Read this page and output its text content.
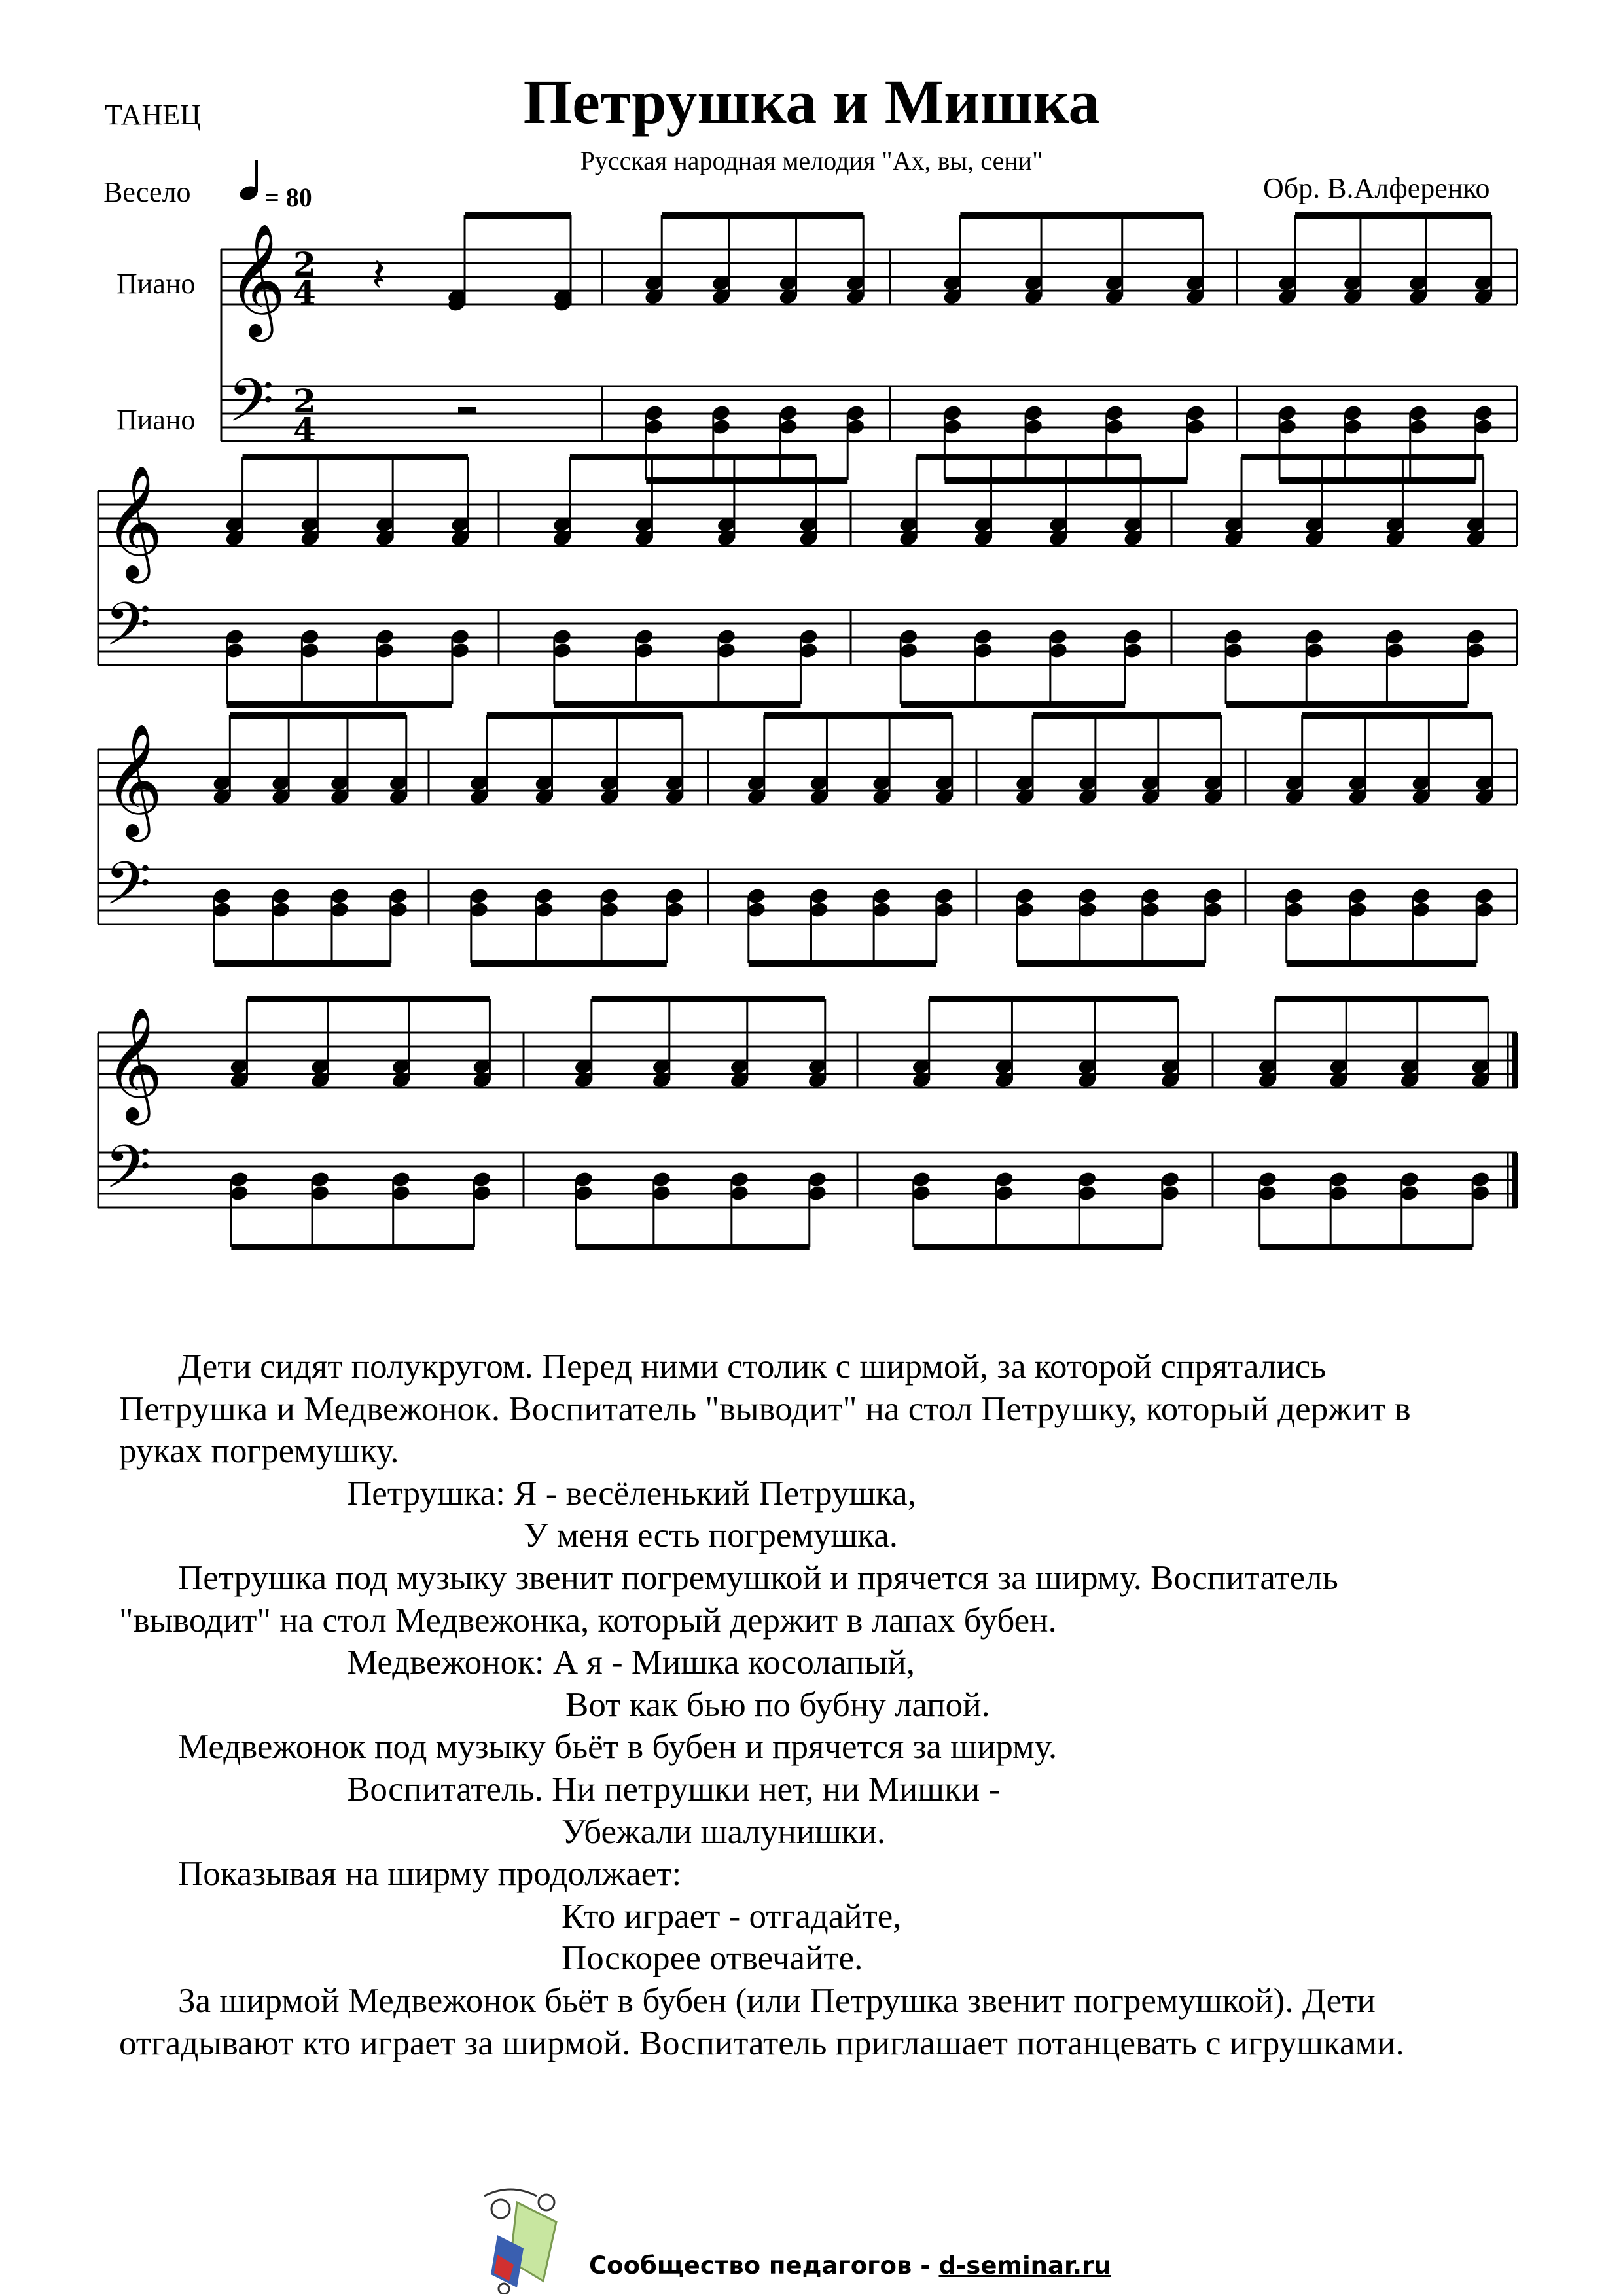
ТАНЕЦ	Петрушка и Мишка
Русская народная мелодия "Ах, вы, сени"
Весело	= 80	Обр. В.Алференко
𝄞 2
4
𝄢 2
4
𝄞
𝄢
𝄞
𝄢
𝄞
𝄢
𝄽
Пиано
Пиано
Дети сидят полукругом. Перед ними столик с ширмой, за которой спрятались
Петрушка и Медвежонок. Воспитатель "выводит" на стол Петрушку, который держит в
руках погремушку.
Петрушка: Я - весёленький Петрушка,
У меня есть погремушка.
Петрушка под музыку звенит погремушкой и прячется за ширму. Воспитатель
"выводит" на стол Медвежонка, который держит в лапах бубен.
Медвежонок: А я - Мишка косолапый,
Вот как бью по бубну лапой.
Медвежонок под музыку бьёт в бубен и прячется за ширму.
Воспитатель. Ни петрушки нет, ни Мишки -
Убежали шалунишки.
Показывая на ширму продолжает:
Кто играет - отгадайте,
Поскорее отвечайте.
За ширмой Медвежонок бьёт в бубен (или Петрушка звенит погремушкой). Дети
отгадывают кто играет за ширмой. Воспитатель приглашает потанцевать с игрушками.
Сообщество педагогов - d-seminar.ru
